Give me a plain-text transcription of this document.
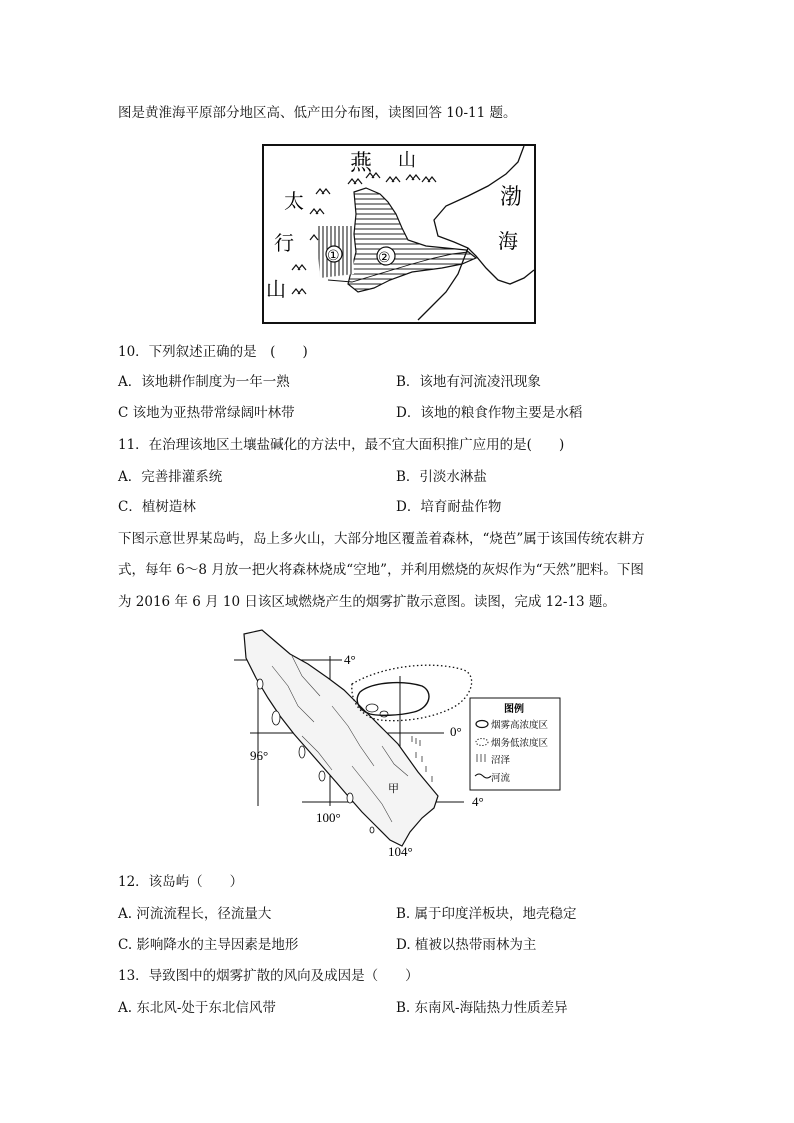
图是黄淮海平原部分地区高、低产田分布图，读图回答 10-11 题。
燕 山
太
行
山
渤
海
①	②
10．下列叙述正确的是　(　　)
A．该地耕作制度为一年一熟	B．该地有河流凌汛现象
C 该地为亚热带常绿阔叶林带	D．该地的粮食作物主要是水稻
11．在治理该地区土壤盐碱化的方法中，最不宜大面积推广应用的是(　　)
A．完善排灌系统	B．引淡水淋盐
C．植树造林	D．培育耐盐作物
下图示意世界某岛屿，岛上多火山，大部分地区覆盖着森林，“烧芭”属于该国传统农耕方
式，每年 6～8 月放一把火将森林烧成“空地”，并利用燃烧的灰烬作为“天然”肥料。下图
为 2016 年 6 月 10 日该区域燃烧产生的烟雾扩散示意图。读图，完成 12-13 题。
图例
烟雾高浓度区
烟务低浓度区
沼泽
河流
4°
0°
4°
96°
100°
104°
甲
12．该岛屿（　　）
A. 河流流程长，径流量大	B. 属于印度洋板块，地壳稳定
C. 影响降水的主导因素是地形	D. 植被以热带雨林为主
13．导致图中的烟雾扩散的风向及成因是（　　）
A. 东北风-处于东北信风带	B. 东南风-海陆热力性质差异
